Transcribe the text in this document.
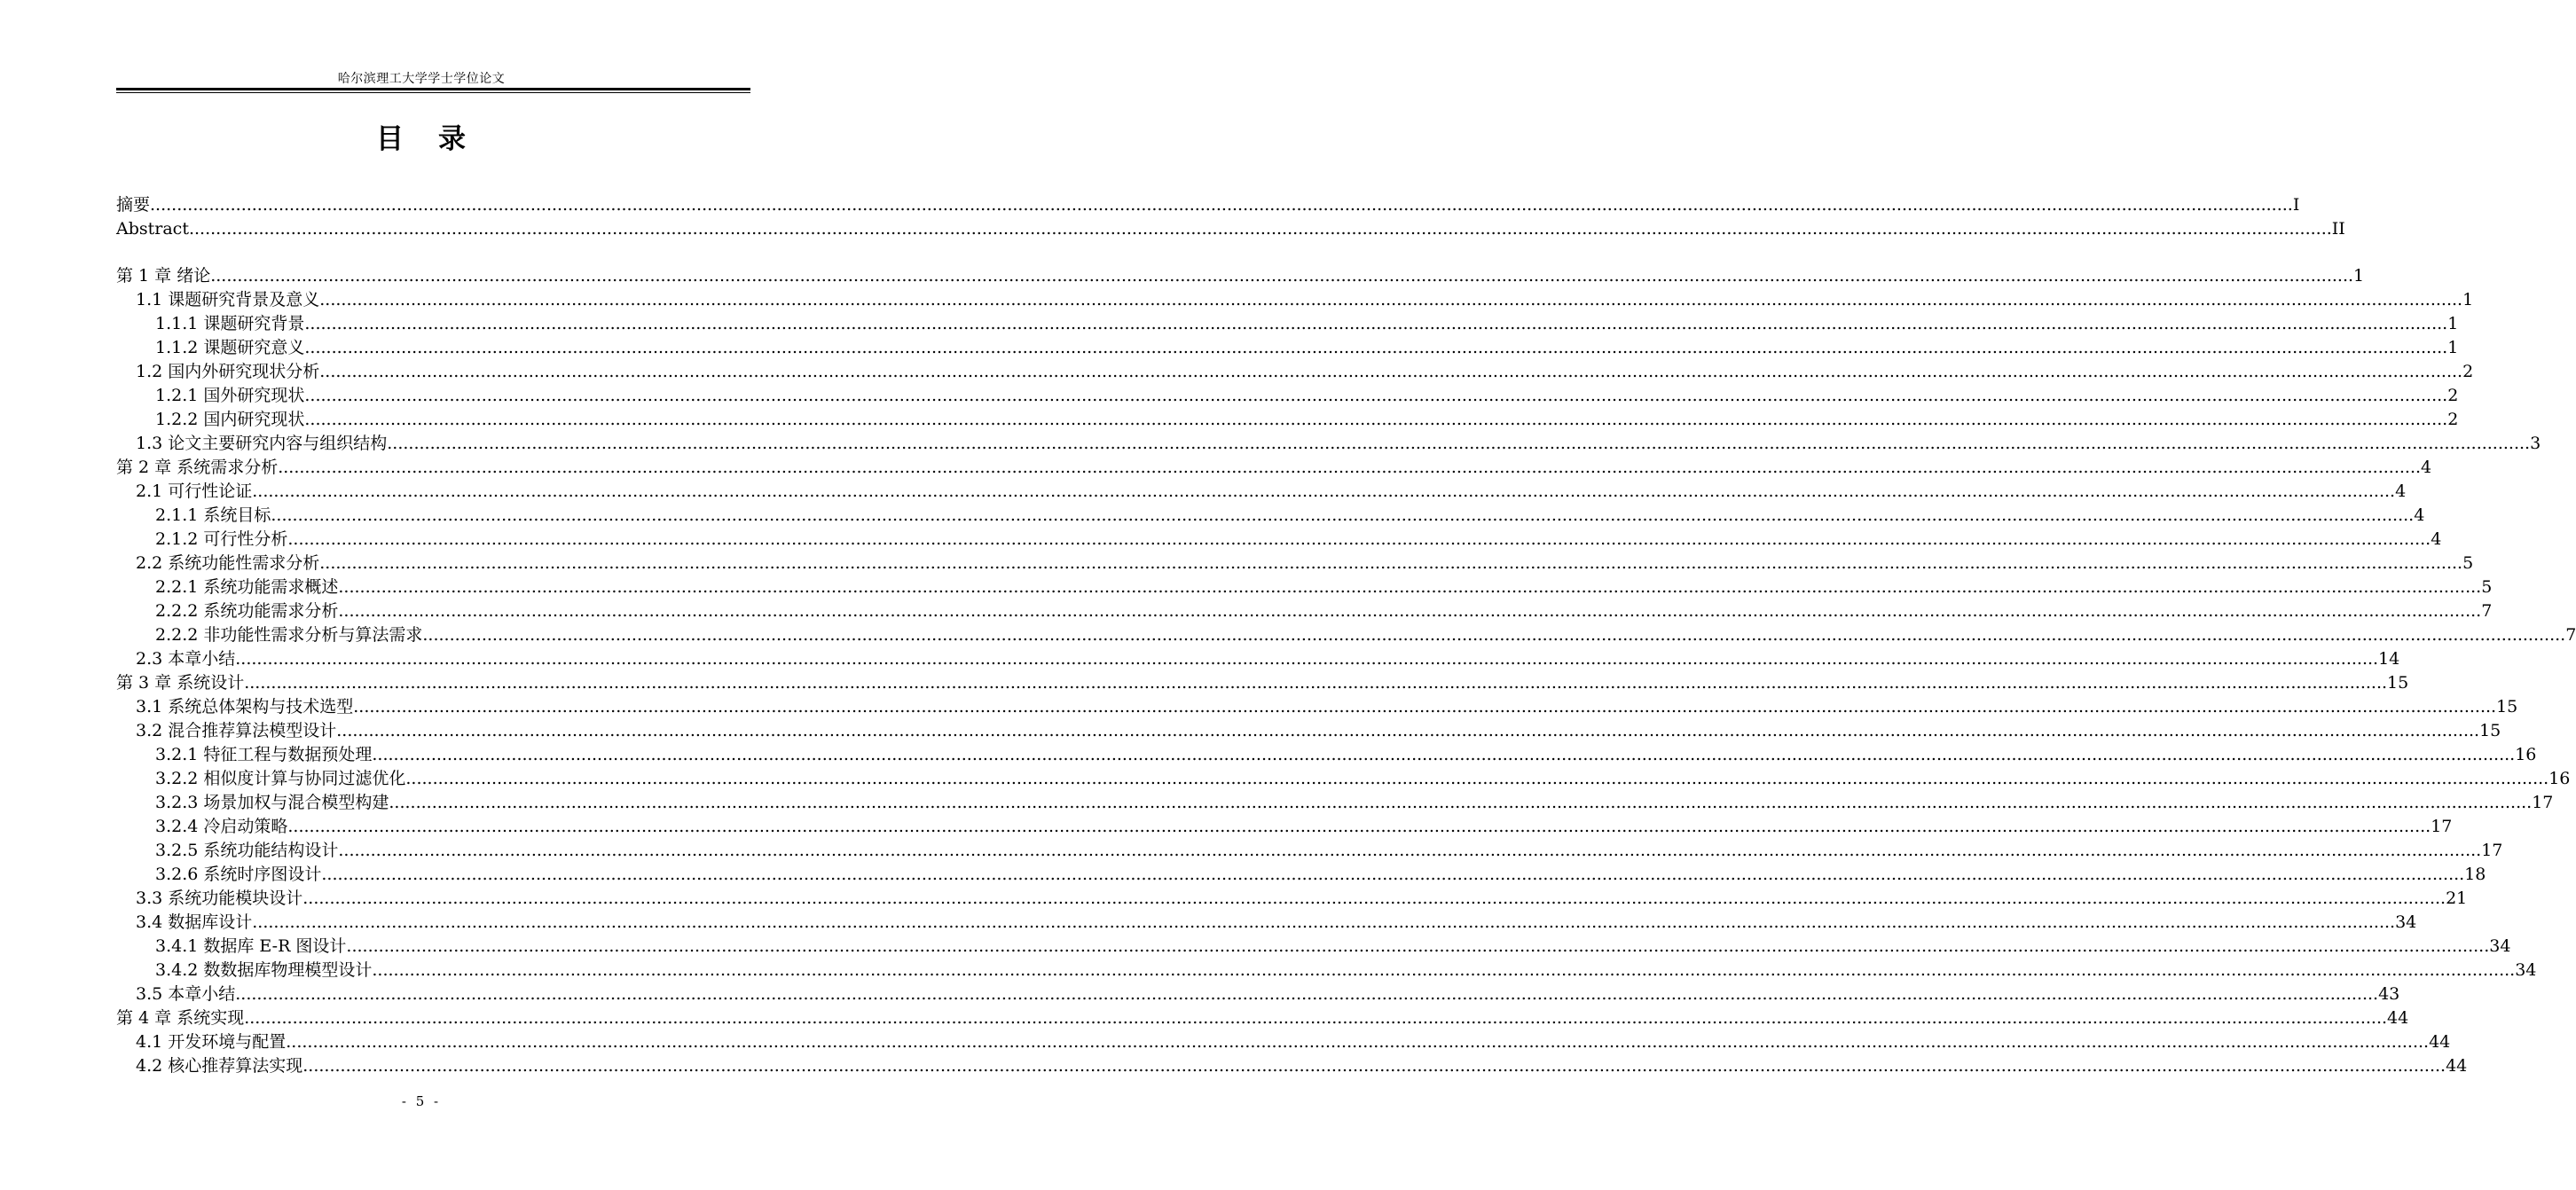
哈尔滨理工大学学士学位论文
目 录
摘要 ................................................................................................................................................................................................................................................................................................................................................................................................................ I
Abstract ................................................................................................................................................................................................................................................................................................................................................................................................................ II
第 1 章 绪论 ................................................................................................................................................................................................................................................................................................................................................................................................................ 1
1.1 课题研究背景及意义 ................................................................................................................................................................................................................................................................................................................................................................................................................ 1
1.1.1 课题研究背景 ................................................................................................................................................................................................................................................................................................................................................................................................................ 1
1.1.2 课题研究意义 ................................................................................................................................................................................................................................................................................................................................................................................................................ 1
1.2 国内外研究现状分析 ................................................................................................................................................................................................................................................................................................................................................................................................................ 2
1.2.1 国外研究现状 ................................................................................................................................................................................................................................................................................................................................................................................................................ 2
1.2.2 国内研究现状 ................................................................................................................................................................................................................................................................................................................................................................................................................ 2
1.3 论文主要研究内容与组织结构 ................................................................................................................................................................................................................................................................................................................................................................................................................ 3
第 2 章 系统需求分析 ................................................................................................................................................................................................................................................................................................................................................................................................................ 4
2.1 可行性论证 ................................................................................................................................................................................................................................................................................................................................................................................................................ 4
2.1.1 系统目标 ................................................................................................................................................................................................................................................................................................................................................................................................................ 4
2.1.2 可行性分析 ................................................................................................................................................................................................................................................................................................................................................................................................................ 4
2.2 系统功能性需求分析 ................................................................................................................................................................................................................................................................................................................................................................................................................ 5
2.2.1 系统功能需求概述 ................................................................................................................................................................................................................................................................................................................................................................................................................ 5
2.2.2 系统功能需求分析 ................................................................................................................................................................................................................................................................................................................................................................................................................ 7
2.2.2 非功能性需求分析与算法需求 ................................................................................................................................................................................................................................................................................................................................................................................................................ 7
2.3 本章小结 ................................................................................................................................................................................................................................................................................................................................................................................................................ 14
第 3 章 系统设计 ................................................................................................................................................................................................................................................................................................................................................................................................................ 15
3.1 系统总体架构与技术选型 ................................................................................................................................................................................................................................................................................................................................................................................................................ 15
3.2 混合推荐算法模型设计 ................................................................................................................................................................................................................................................................................................................................................................................................................ 15
3.2.1 特征工程与数据预处理 ................................................................................................................................................................................................................................................................................................................................................................................................................ 16
3.2.2 相似度计算与协同过滤优化 ................................................................................................................................................................................................................................................................................................................................................................................................................ 16
3.2.3 场景加权与混合模型构建 ................................................................................................................................................................................................................................................................................................................................................................................................................ 17
3.2.4 冷启动策略 ................................................................................................................................................................................................................................................................................................................................................................................................................ 17
3.2.5 系统功能结构设计 ................................................................................................................................................................................................................................................................................................................................................................................................................ 17
3.2.6 系统时序图设计 ................................................................................................................................................................................................................................................................................................................................................................................................................ 18
3.3 系统功能模块设计 ................................................................................................................................................................................................................................................................................................................................................................................................................ 21
3.4 数据库设计 ................................................................................................................................................................................................................................................................................................................................................................................................................ 34
3.4.1 数据库 E-R 图设计 ................................................................................................................................................................................................................................................................................................................................................................................................................ 34
3.4.2 数数据库物理模型设计 ................................................................................................................................................................................................................................................................................................................................................................................................................ 34
3.5 本章小结 ................................................................................................................................................................................................................................................................................................................................................................................................................ 43
第 4 章 系统实现 ................................................................................................................................................................................................................................................................................................................................................................................................................ 44
4.1 开发环境与配置 ................................................................................................................................................................................................................................................................................................................................................................................................................ 44
4.2 核心推荐算法实现 ................................................................................................................................................................................................................................................................................................................................................................................................................ 44
- 5 -
